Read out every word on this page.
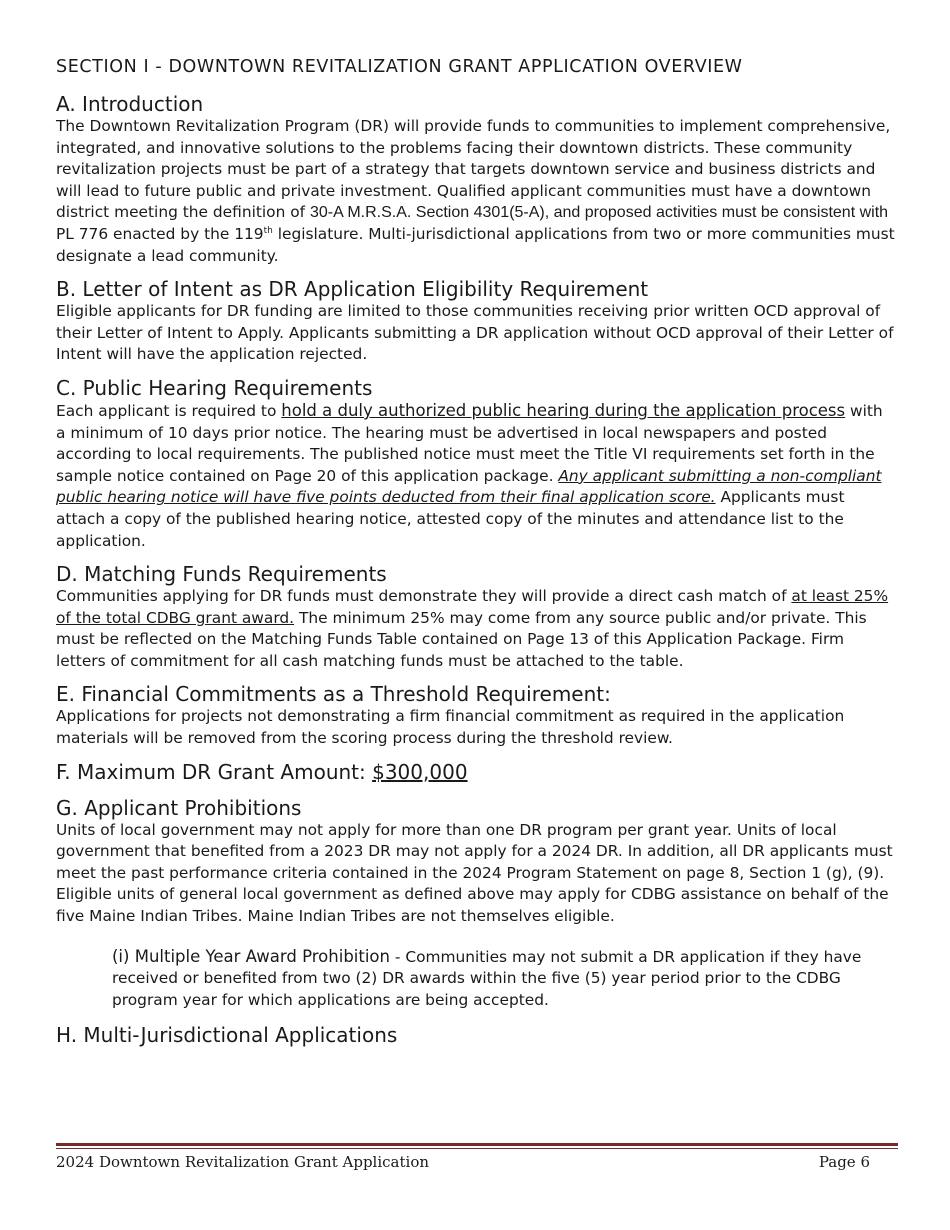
SECTION I - DOWNTOWN REVITALIZATION GRANT APPLICATION OVERVIEW
A. Introduction
The Downtown Revitalization Program (DR) will provide funds to communities to implement comprehensive, integrated, and innovative solutions to the problems facing their downtown districts. These community revitalization projects must be part of a strategy that targets downtown service and business districts and will lead to future public and private investment. Qualified applicant communities must have a downtown district meeting the definition of 30-A M.R.S.A. Section 4301(5-A), and proposed activities must be consistent with PL 776 enacted by the 119th legislature. Multi-jurisdictional applications from two or more communities must designate a lead community.
B. Letter of Intent as DR Application Eligibility Requirement
Eligible applicants for DR funding are limited to those communities receiving prior written OCD approval of their Letter of Intent to Apply. Applicants submitting a DR application without OCD approval of their Letter of Intent will have the application rejected.
C. Public Hearing Requirements
Each applicant is required to hold a duly authorized public hearing during the application process with a minimum of 10 days prior notice. The hearing must be advertised in local newspapers and posted according to local requirements. The published notice must meet the Title VI requirements set forth in the sample notice contained on Page 20 of this application package. Any applicant submitting a non-compliant public hearing notice will have five points deducted from their final application score. Applicants must attach a copy of the published hearing notice, attested copy of the minutes and attendance list to the application.
D. Matching Funds Requirements
Communities applying for DR funds must demonstrate they will provide a direct cash match of at least 25% of the total CDBG grant award. The minimum 25% may come from any source public and/or private. This must be reflected on the Matching Funds Table contained on Page 13 of this Application Package. Firm letters of commitment for all cash matching funds must be attached to the table.
E. Financial Commitments as a Threshold Requirement:
Applications for projects not demonstrating a firm financial commitment as required in the application materials will be removed from the scoring process during the threshold review.
F. Maximum DR Grant Amount: $300,000
G. Applicant Prohibitions
Units of local government may not apply for more than one DR program per grant year. Units of local government that benefited from a 2023 DR may not apply for a 2024 DR. In addition, all DR applicants must meet the past performance criteria contained in the 2024 Program Statement on page 8, Section 1 (g), (9). Eligible units of general local government as defined above may apply for CDBG assistance on behalf of the five Maine Indian Tribes. Maine Indian Tribes are not themselves eligible.
(i) Multiple Year Award Prohibition - Communities may not submit a DR application if they have received or benefited from two (2) DR awards within the five (5) year period prior to the CDBG program year for which applications are being accepted.
H. Multi-Jurisdictional Applications
2024 Downtown Revitalization Grant Application	Page 6
